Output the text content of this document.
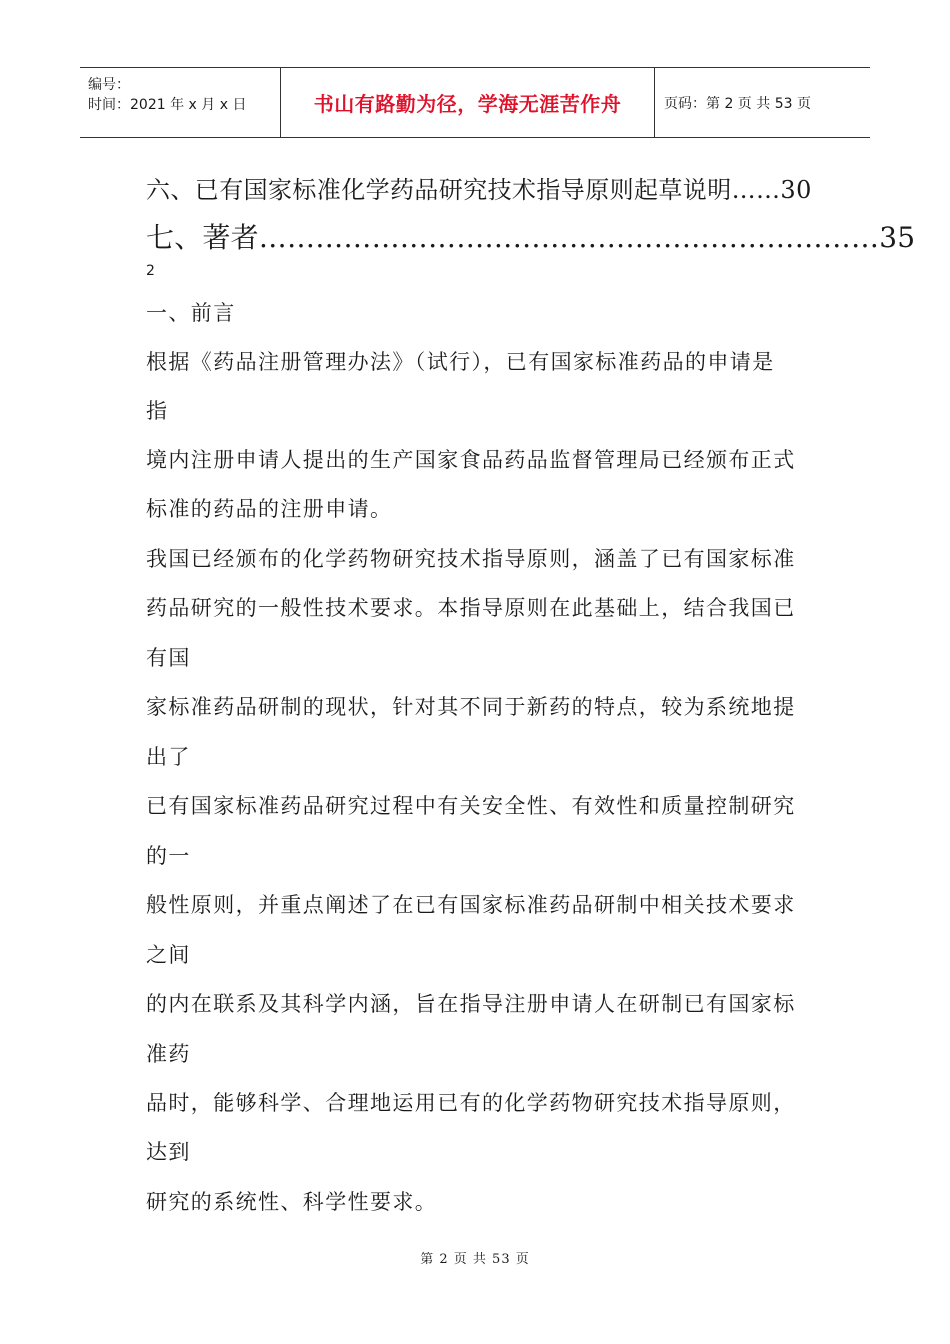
编号：
时间：2021 年 x 月 x 日	书山有路勤为径，学海无涯苦作舟	页码：第 2 页 共 53 页
六、已有国家标准化学药品研究技术指导原则起草说明……30
七、著者…………………………………………………………35
2
一、前言
根据《药品注册管理办法》（试行），已有国家标准药品的申请是
指
境内注册申请人提出的生产国家食品药品监督管理局已经颁布正式
标准的药品的注册申请。
我国已经颁布的化学药物研究技术指导原则，涵盖了已有国家标准
药品研究的一般性技术要求。本指导原则在此基础上，结合我国已
有国
家标准药品研制的现状，针对其不同于新药的特点，较为系统地提
出了
已有国家标准药品研究过程中有关安全性、有效性和质量控制研究
的一
般性原则，并重点阐述了在已有国家标准药品研制中相关技术要求
之间
的内在联系及其科学内涵，旨在指导注册申请人在研制已有国家标
准药
品时，能够科学、合理地运用已有的化学药物研究技术指导原则，
达到
研究的系统性、科学性要求。
第 2 页 共 53 页
